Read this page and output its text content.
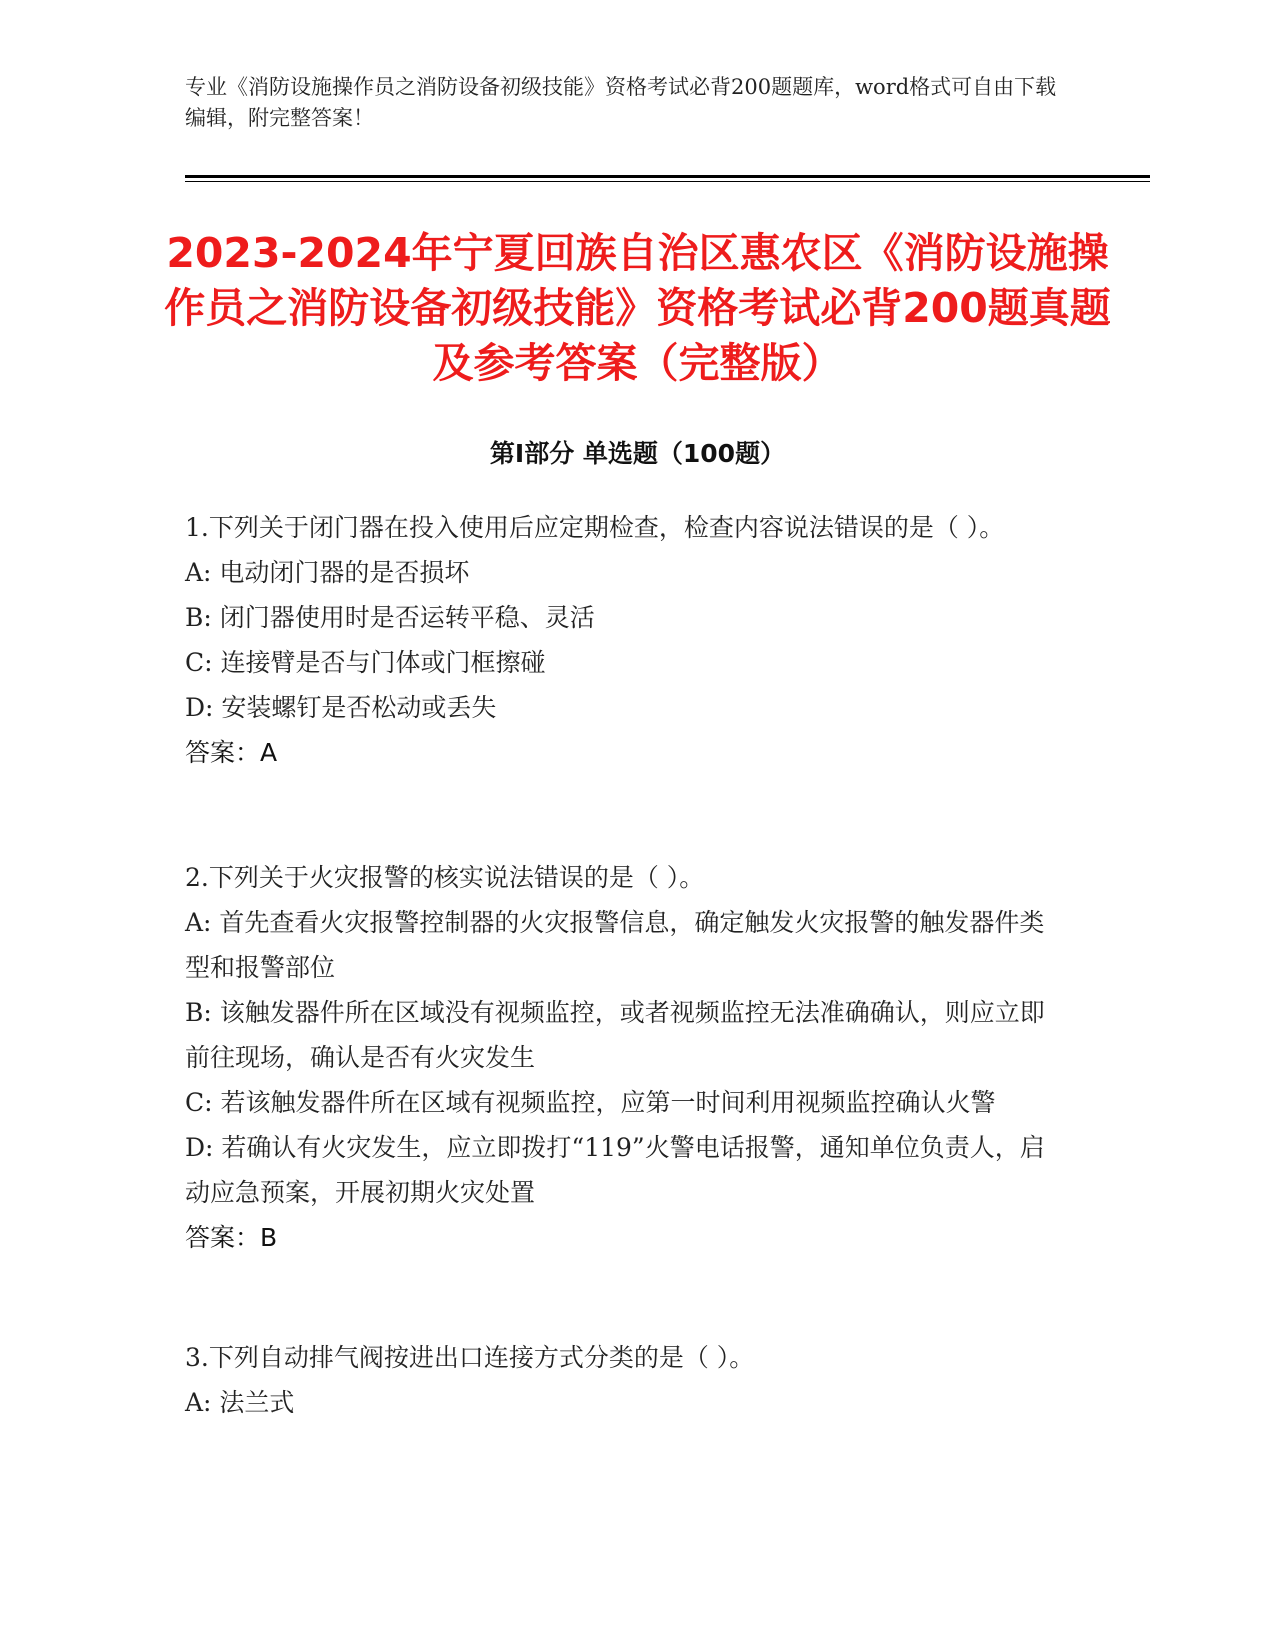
专业《消防设施操作员之消防设备初级技能》资格考试必背200题题库，word格式可自由下载编辑，附完整答案！

2023-2024年宁夏回族自治区惠农区《消防设施操作员之消防设备初级技能》资格考试必背200题真题及参考答案（完整版）
第Ⅰ部分 单选题（100题）

1.下列关于闭门器在投入使用后应定期检查，检查内容说法错误的是（ ）。

A: 电动闭门器的是否损坏

B: 闭门器使用时是否运转平稳、灵活

C: 连接臂是否与门体或门框擦碰

D: 安装螺钉是否松动或丢失

答案：A

2.下列关于火灾报警的核实说法错误的是（ ）。

A: 首先查看火灾报警控制器的火灾报警信息，确定触发火灾报警的触发器件类型和报警部位

B: 该触发器件所在区域没有视频监控，或者视频监控无法准确确认，则应立即前往现场，确认是否有火灾发生

C: 若该触发器件所在区域有视频监控，应第一时间利用视频监控确认火警

D: 若确认有火灾发生，应立即拨打“119”火警电话报警，通知单位负责人，启动应急预案，开展初期火灾处置

答案：B

3.下列自动排气阀按进出口连接方式分类的是（ ）。

A: 法兰式
